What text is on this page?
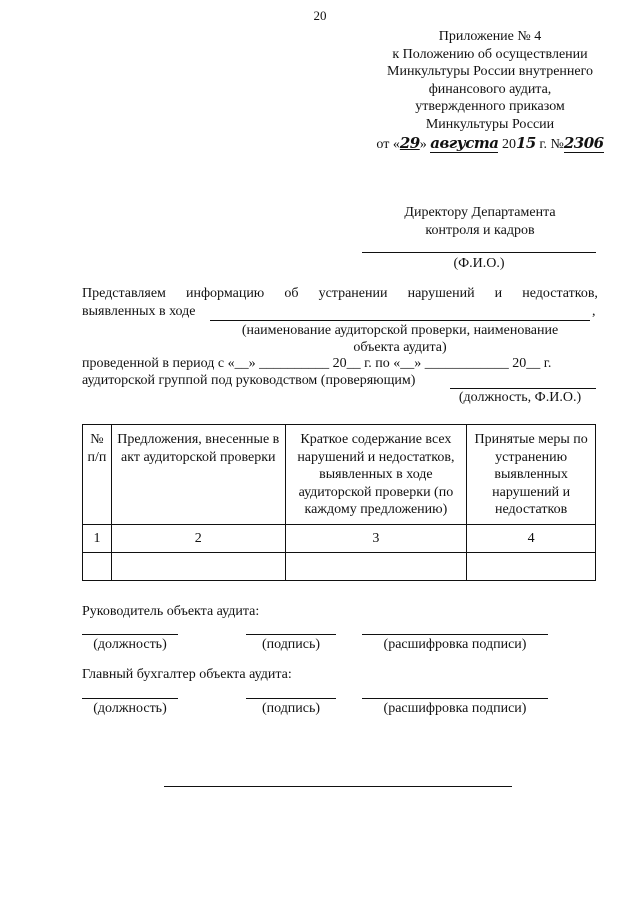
20
Приложение № 4
к Положению об осуществлении
Минкультуры России внутреннего
финансового аудита,
утвержденного приказом
Минкультуры России
от «29» августа 2015 г. №2306
Директору Департамента
контроля и кадров
(Ф.И.О.)
Представляем информацию об устранении нарушений и недостатков,
выявленных в ходе	,
(наименование аудиторской проверки, наименование
объекта аудита)
проведенной в период с «__» __________ 20__ г. по «__» ____________ 20__ г.
аудиторской группой под руководством (проверяющим)
(должность, Ф.И.О.)
№ п/п	Предложения, внесенные в акт аудиторской проверки	Краткое содержание всех нарушений и недостатков, выявленных в ходе аудиторской проверки (по каждому предложению)	Принятые меры по устранению выявленных нарушений и недостатков
1	2	3	4

Руководитель объекта аудита:
(должность)	(подпись)	(расшифровка подписи)
Главный бухгалтер объекта аудита:
(должность)	(подпись)	(расшифровка подписи)
